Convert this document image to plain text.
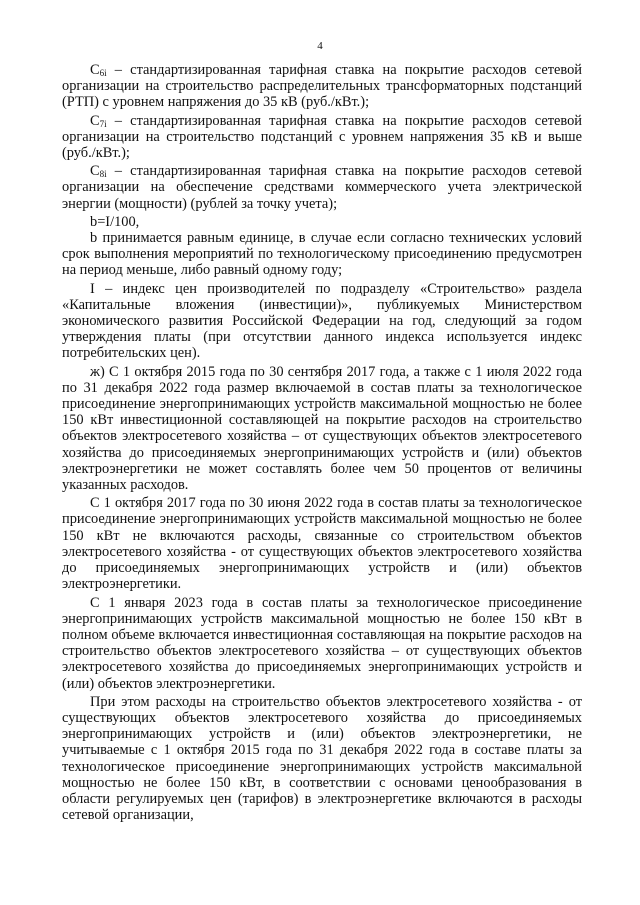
4

$C_{6i}$ – стандартизированная тарифная ставка на покрытие расходов сетевой организации на строительство распределительных трансформаторных подстанций (РТП) с уровнем напряжения до 35 кВ (руб./кВт.);

$C_{7i}$ – стандартизированная тарифная ставка на покрытие расходов сетевой организации на строительство подстанций с уровнем напряжения 35 кВ и выше (руб./кВт.);

$C_{8i}$ – стандартизированная тарифная ставка на покрытие расходов сетевой организации на обеспечение средствами коммерческого учета электрической энергии (мощности) (рублей за точку учета);

b=I/100,

b принимается равным единице, в случае если согласно технических условий срок выполнения мероприятий по технологическому присоединению предусмотрен на период меньше, либо равный одному году;

I – индекс цен производителей по подразделу «Строительство» раздела «Капитальные вложения (инвестиции)», публикуемых Министерством экономического развития Российской Федерации на год, следующий за годом утверждения платы (при отсутствии данного индекса используется индекс потребительских цен).

ж) С 1 октября 2015 года по 30 сентября 2017 года, а также с 1 июля 2022 года по 31 декабря 2022 года размер включаемой в состав платы за технологическое присоединение энергопринимающих устройств максимальной мощностью не более 150 кВт инвестиционной составляющей на покрытие расходов на строительство объектов электросетевого хозяйства – от существующих объектов электросетевого хозяйства до присоединяемых энергопринимающих устройств и (или) объектов электроэнергетики не может составлять более чем 50 процентов от величины указанных расходов.

С 1 октября 2017 года по 30 июня 2022 года в состав платы за технологическое присоединение энергопринимающих устройств максимальной мощностью не более 150 кВт не включаются расходы, связанные со строительством объектов электросетевого хозяйства - от существующих объектов электросетевого хозяйства до присоединяемых энергопринимающих устройств и (или) объектов электроэнергетики.

С 1 января 2023 года в состав платы за технологическое присоединение энергопринимающих устройств максимальной мощностью не более 150 кВт в полном объеме включается инвестиционная составляющая на покрытие расходов на строительство объектов электросетевого хозяйства – от существующих объектов электросетевого хозяйства до присоединяемых энергопринимающих устройств и (или) объектов электроэнергетики.

При этом расходы на строительство объектов электросетевого хозяйства - от существующих объектов электросетевого хозяйства до присоединяемых энергопринимающих устройств и (или) объектов электроэнергетики, не учитываемые с 1 октября 2015 года по 31 декабря 2022 года в составе платы за технологическое присоединение энергопринимающих устройств максимальной мощностью не более 150 кВт, в соответствии с основами ценообразования в области регулируемых цен (тарифов) в электроэнергетике включаются в расходы сетевой организации,
